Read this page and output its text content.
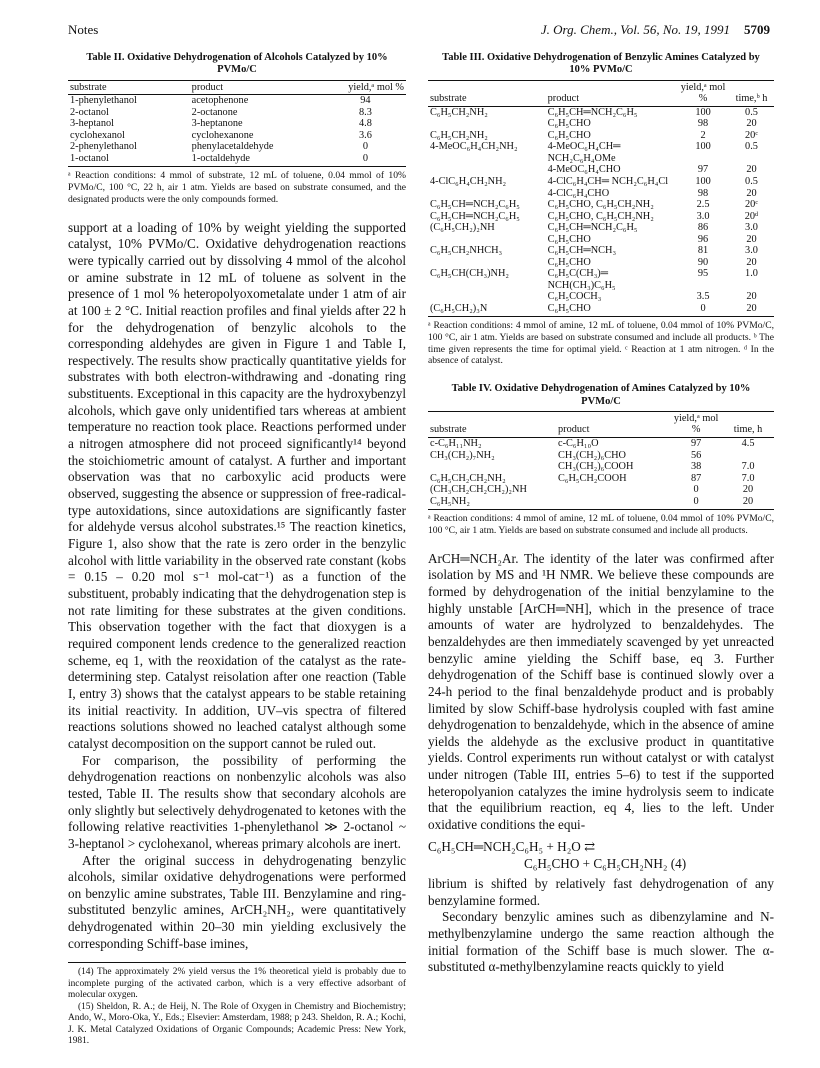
Notes	J. Org. Chem., Vol. 56, No. 19, 1991 5709
Table II. Oxidative Dehydrogenation of Alcohols Catalyzed by 10% PVMo/C
substrate	product	yield,ᵃ mol %
1-phenylethanol	acetophenone	94
2-octanol	2-octanone	8.3
3-heptanol	3-heptanone	4.8
cyclohexanol	cyclohexanone	3.6
2-phenylethanol	phenylacetaldehyde	0
1-octanol	1-octaldehyde	0
ᵃ Reaction conditions: 4 mmol of substrate, 12 mL of toluene, 0.04 mmol of 10% PVMo/C, 100 °C, 22 h, air 1 atm. Yields are based on substrate consumed, and the designated products were the only compounds formed.

support at a loading of 10% by weight yielding the supported catalyst, 10% PVMo/C. Oxidative dehydrogenation reactions were typically carried out by dissolving 4 mmol of the alcohol or amine substrate in 12 mL of toluene as solvent in the presence of 1 mol % heteropolyoxometalate under 1 atm of air at 100 ± 2 °C. Initial reaction profiles and final yields after 22 h for the dehydrogenation of benzylic alcohols to the corresponding aldehydes are given in Figure 1 and Table I, respectively. The results show practically quantitative yields for substrates with both electron-withdrawing and -donating ring substituents. Exceptional in this capacity are the hydroxybenzyl alcohols, which gave only unidentified tars whereas at ambient temperature no reaction took place. Reactions performed under a nitrogen atmosphere did not proceed significantly¹⁴ beyond the stoichiometric amount of catalyst. A further and important observation was that no carboxylic acid products were observed, suggesting the absence or suppression of free-radical-type autoxidations, since autoxidations are significantly faster for aldehyde versus alcohol substrates.¹⁵ The reaction kinetics, Figure 1, also show that the rate is zero order in the benzylic alcohol with little variability in the observed rate constant (kobs = 0.15 – 0.20 mol s⁻¹ mol-cat⁻¹) as a function of the substituent, probably indicating that the dehydrogenation step is not rate limiting for these substrates at the given conditions. This observation together with the fact that dioxygen is a required component lends credence to the generalized reaction scheme, eq 1, with the reoxidation of the catalyst as the rate-determining step. Catalyst reisolation after one reaction (Table I, entry 3) shows that the catalyst appears to be stable retaining its initial reactivity. In addition, UV–vis spectra of filtered reactions solutions showed no leached catalyst although some catalyst decomposition on the support cannot be ruled out.

For comparison, the possibility of performing the dehydrogenation reactions on nonbenzylic alcohols was also tested, Table II. The results show that secondary alcohols are only slightly but selectively dehydrogenated to ketones with the following relative reactivities 1-phenylethanol ≫ 2-octanol ~ 3-heptanol > cyclohexanol, whereas primary alcohols are inert.

After the original success in dehydrogenating benzylic alcohols, similar oxidative dehydrogenations were performed on benzylic amine substrates, Table III. Benzylamine and ring-substituted benzylic amines, ArCH₂NH₂, were quantitatively dehydrogenated within 20–30 min yielding exclusively the corresponding Schiff-base imines,

(14) The approximately 2% yield versus the 1% theoretical yield is probably due to incomplete purging of the activated carbon, which is a very effective adsorbant of molecular oxygen.

(15) Sheldon, R. A.; de Heij, N. The Role of Oxygen in Chemistry and Biochemistry; Ando, W., Moro-Oka, Y., Eds.; Elsevier: Amsterdam, 1988; p 243. Sheldon, R. A.; Kochi, J. K. Metal Catalyzed Oxidations of Organic Compounds; Academic Press: New York, 1981.

Table III. Oxidative Dehydrogenation of Benzylic Amines Catalyzed by 10% PVMo/C
substrate	product	yield,ᵃ mol %	time,ᵇ h
C₆H₅CH₂NH₂	C₆H₅CH═NCH₂C₆H₅	100	0.5
	C₆H₅CHO	98	20
C₆H₅CH₂NH₂	C₆H₅CHO	2	20ᶜ
4-MeOC₆H₄CH₂NH₂	4-MeOC₆H₄CH═ NCH₂C₆H₄OMe	100	0.5
	4-MeOC₆H₄CHO	97	20
4-ClC₆H₄CH₂NH₂	4-ClC₆H₄CH═ NCH₂C₆H₄Cl	100	0.5
	4-ClC₆H₄CHO	98	20
C₆H₅CH═NCH₂C₆H₅	C₆H₅CHO, C₆H₅CH₂NH₂	2.5	20ᶜ
C₆H₅CH═NCH₂C₆H₅	C₆H₅CHO, C₆H₅CH₂NH₂	3.0	20ᵈ
(C₆H₅CH₂)₂NH	C₆H₅CH═NCH₂C₆H₅	86	3.0
	C₆H₅CHO	96	20
C₆H₅CH₂NHCH₃	C₆H₅CH═NCH₃	81	3.0
	C₆H₅CHO	90	20
C₆H₅CH(CH₃)NH₂	C₆H₅C(CH₃)═ NCH(CH₃)C₆H₅	95	1.0
	C₆H₅COCH₃	3.5	20
(C₆H₅CH₂)₃N	C₆H₅CHO	0	20
ᵃ Reaction conditions: 4 mmol of amine, 12 mL of toluene, 0.04 mmol of 10% PVMo/C, 100 °C, air 1 atm. Yields are based on substrate consumed and include all products. ᵇ The time given represents the time for optimal yield. ᶜ Reaction at 1 atm nitrogen. ᵈ In the absence of catalyst.
Table IV. Oxidative Dehydrogenation of Amines Catalyzed by 10% PVMo/C
substrate	product	yield,ᵃ mol %	time, h
c-C₆H₁₁NH₂	c-C₆H₁₀O	97	4.5
CH₃(CH₂)₇NH₂	CH₃(CH₂)₆CHO	56	
	CH₃(CH₂)₆COOH	38	7.0
C₆H₅CH₂CH₂NH₂	C₆H₅CH₂COOH	87	7.0
(CH₃CH₂CH₂CH₂)₂NH		0	20
C₆H₅NH₂		0	20
ᵃ Reaction conditions: 4 mmol of amine, 12 mL of toluene, 0.04 mmol of 10% PVMo/C, 100 °C, air 1 atm. Yields are based on substrate consumed and include all products.

ArCH═NCH₂Ar. The identity of the later was confirmed after isolation by MS and ¹H NMR. We believe these compounds are formed by dehydrogenation of the initial benzylamine to the highly unstable [ArCH═NH], which in the presence of trace amounts of water are hydrolyzed to benzaldehydes. The benzaldehydes are then immediately scavenged by yet unreacted benzylic amine yielding the Schiff base, eq 3. Further dehydrogenation of the Schiff base is continued slowly over a 24-h period to the final benzaldehyde product and is probably limited by slow Schiff-base hydrolysis coupled with fast amine dehydrogenation to benzaldehyde, which in the absence of amine yields the aldehyde as the exclusive product in quantitative yields. Control experiments run without catalyst or with catalyst under nitrogen (Table III, entries 5–6) to test if the supported heteropolyanion catalyzes the imine hydrolysis seem to indicate that the equilibrium reaction, eq 4, lies to the left. Under oxidative conditions the equi-

C₆H₅CH═NCH₂C₆H₅ + H₂O ⇄
C₆H₅CHO + C₆H₅CH₂NH₂ (4)

librium is shifted by relatively fast dehydrogenation of any benzylamine formed.

Secondary benzylic amines such as dibenzylamine and N-methylbenzylamine undergo the same reaction although the initial formation of the Schiff base is much slower. The α-substituted α-methylbenzylamine reacts quickly to yield
